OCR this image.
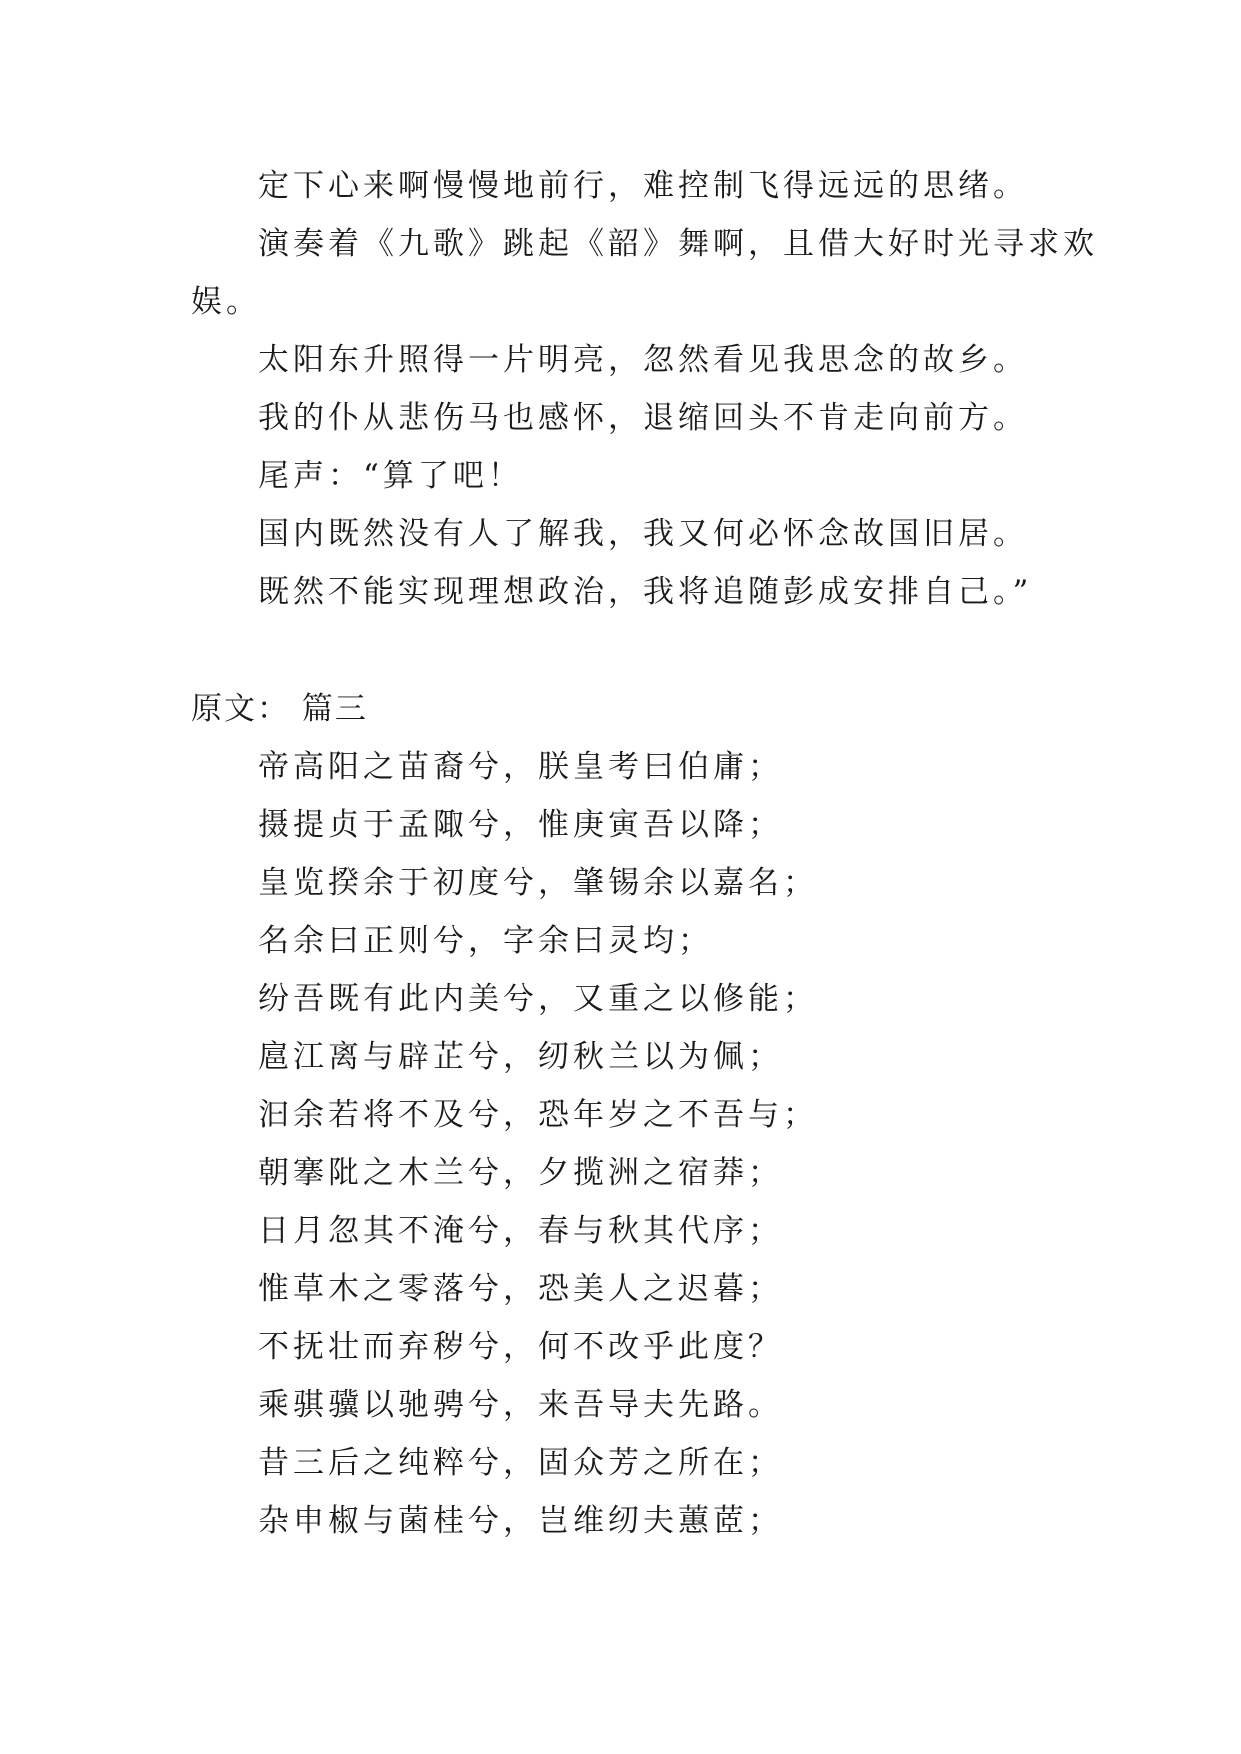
定下心来啊慢慢地前行，难控制飞得远远的思绪。
演奏着《九歌》跳起《韶》舞啊，且借大好时光寻求欢
娱。
太阳东升照得一片明亮，忽然看见我思念的故乡。
我的仆从悲伤马也感怀，退缩回头不肯走向前方。
尾声：“算了吧！
国内既然没有人了解我，我又何必怀念故国旧居。
既然不能实现理想政治，我将追随彭成安排自己。”
原文： 篇三
帝高阳之苗裔兮，朕皇考曰伯庸；
摄提贞于孟陬兮，惟庚寅吾以降；
皇览揆余于初度兮，肇锡余以嘉名；
名余曰正则兮，字余曰灵均；
纷吾既有此内美兮，又重之以修能；
扈江离与辟芷兮，纫秋兰以为佩；
汩余若将不及兮，恐年岁之不吾与；
朝搴阰之木兰兮，夕揽洲之宿莽；
日月忽其不淹兮，春与秋其代序；
惟草木之零落兮，恐美人之迟暮；
不抚壮而弃秽兮，何不改乎此度？
乘骐骥以驰骋兮，来吾导夫先路。
昔三后之纯粹兮，固众芳之所在；
杂申椒与菌桂兮，岂维纫夫蕙茝；
